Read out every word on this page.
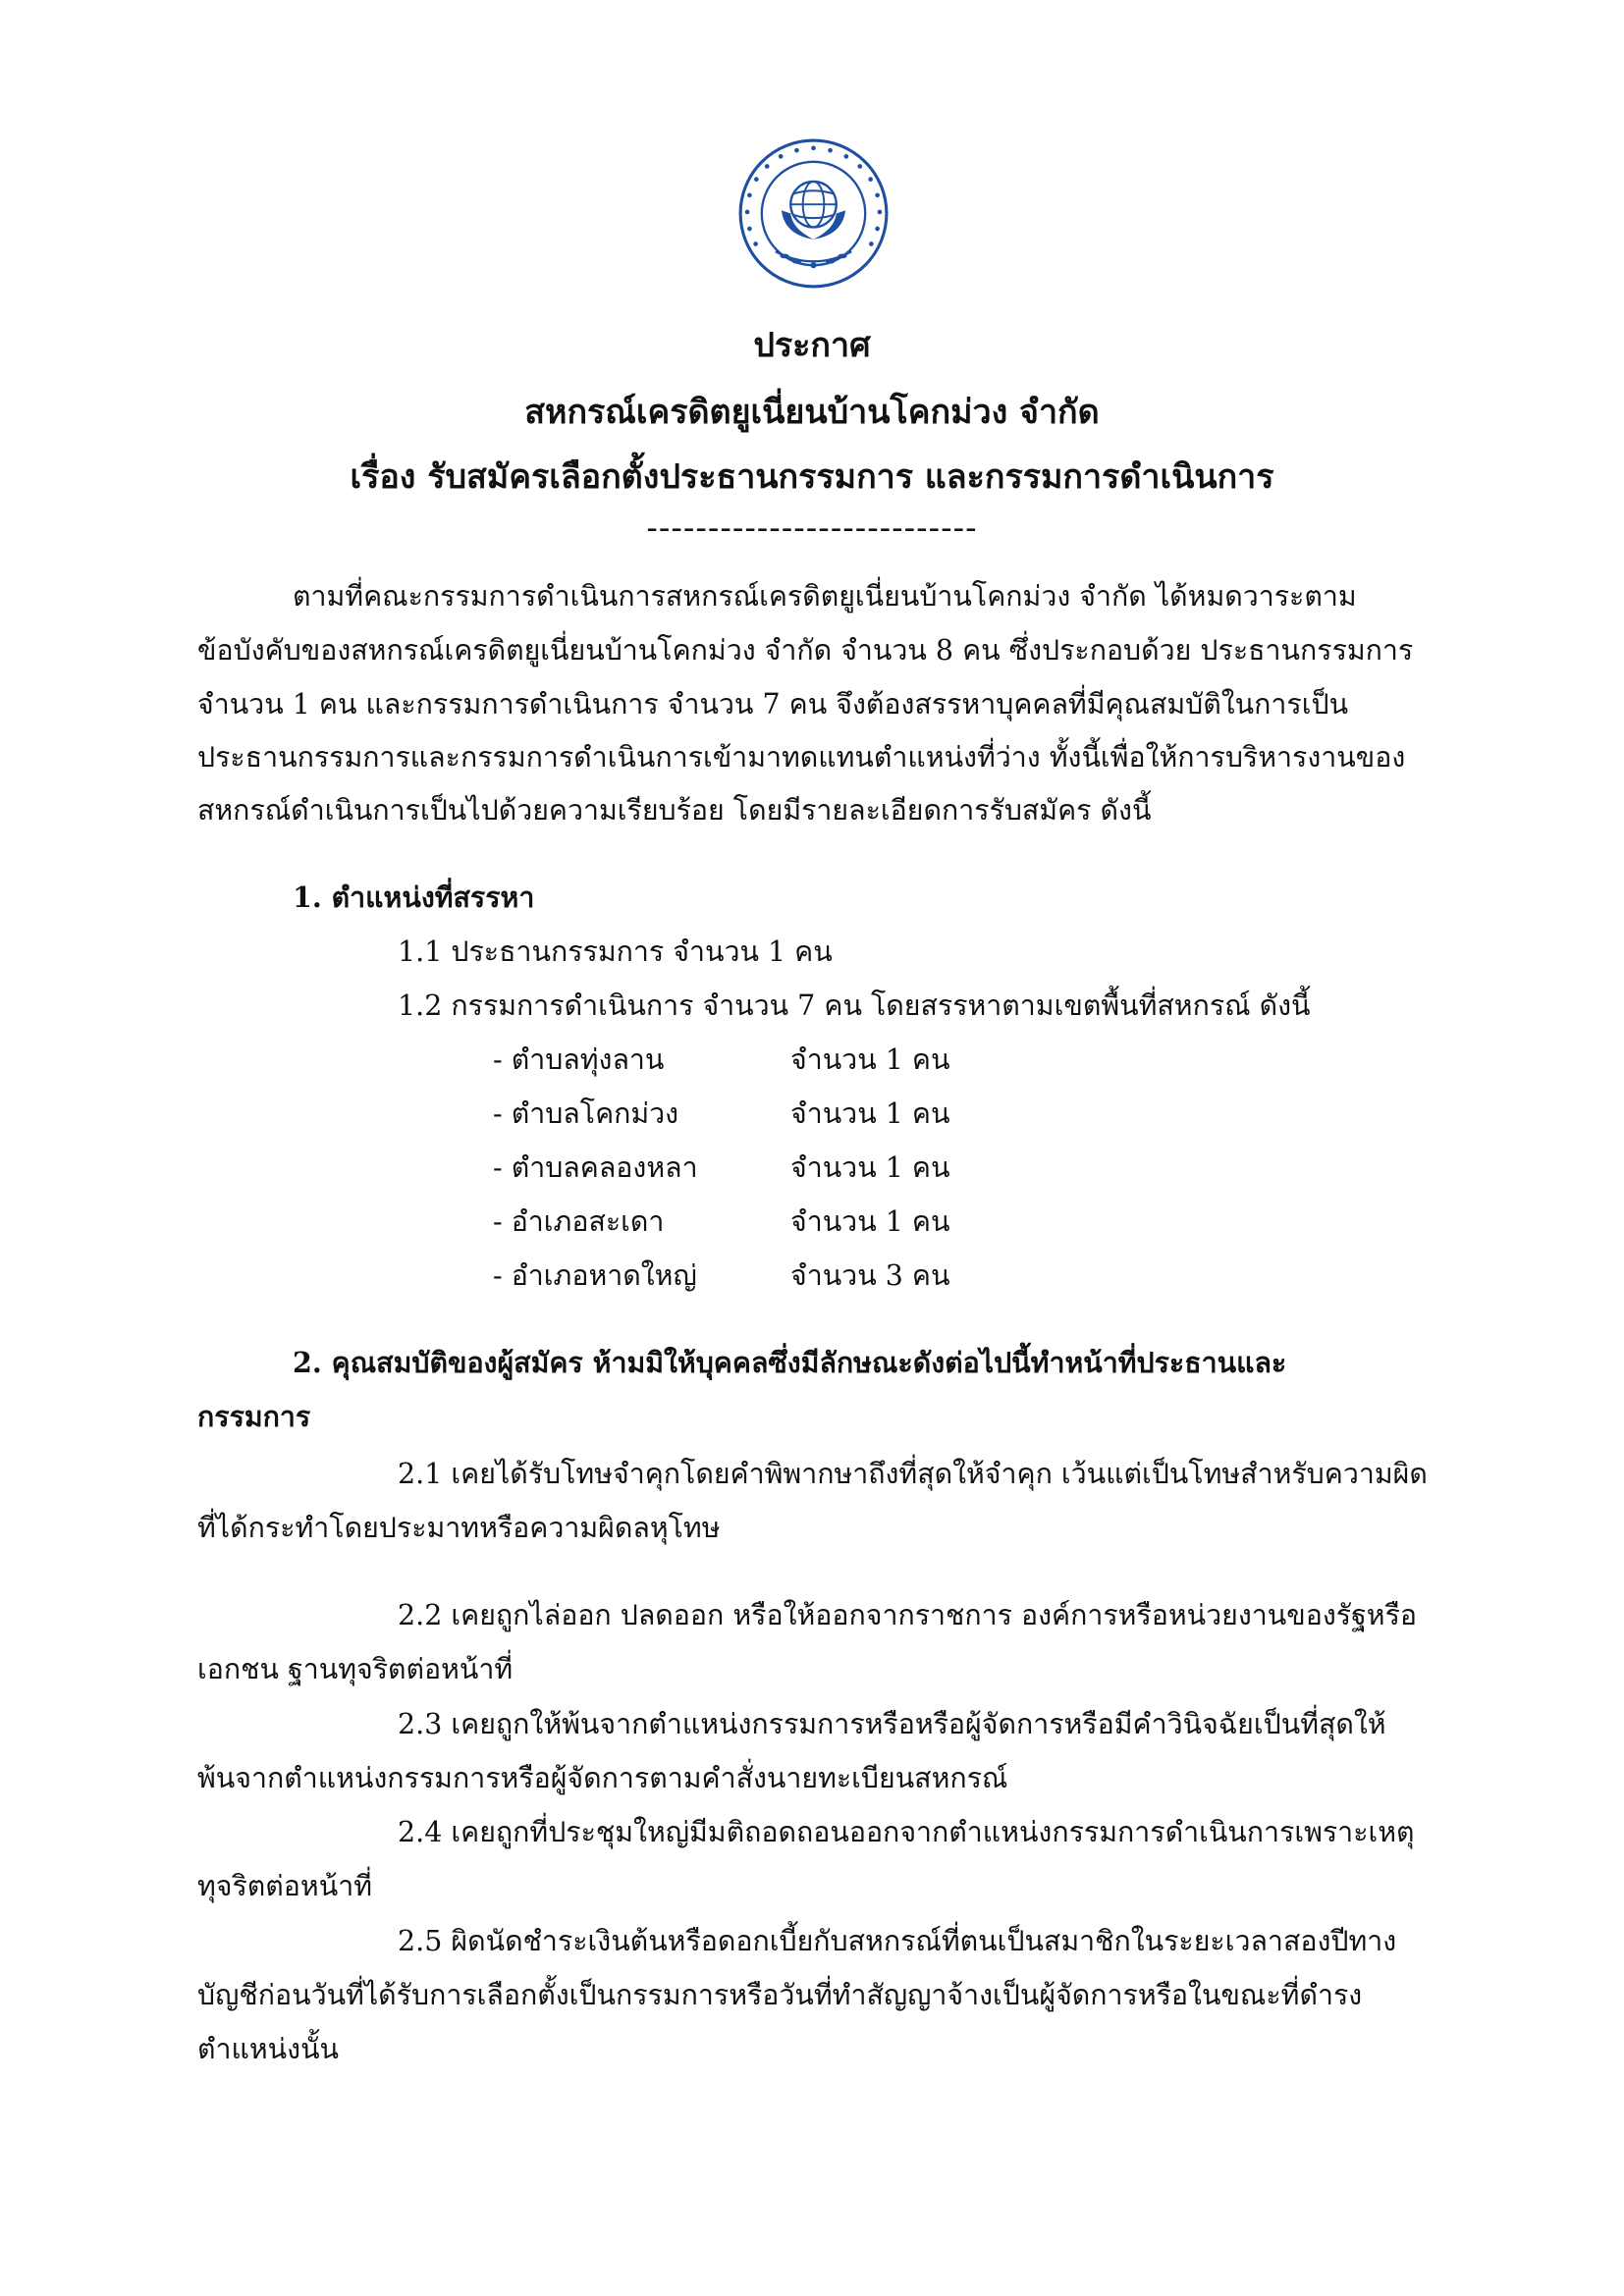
ประกาศ
สหกรณ์เครดิตยูเนี่ยนบ้านโคกม่วง จำกัด
เรื่อง รับสมัครเลือกตั้งประธานกรรมการ และกรรมการดำเนินการ
---------------------------
ตามที่คณะกรรมการดำเนินการสหกรณ์เครดิตยูเนี่ยนบ้านโคกม่วง จำกัด ได้หมดวาระตาม
ข้อบังคับของสหกรณ์เครดิตยูเนี่ยนบ้านโคกม่วง จำกัด จำนวน 8 คน ซึ่งประกอบด้วย ประธานกรรมการ
จำนวน 1 คน และกรรมการดำเนินการ จำนวน 7 คน จึงต้องสรรหาบุคคลที่มีคุณสมบัติในการเป็น
ประธานกรรมการและกรรมการดำเนินการเข้ามาทดแทนตำแหน่งที่ว่าง ทั้งนี้เพื่อให้การบริหารงานของ
สหกรณ์ดำเนินการเป็นไปด้วยความเรียบร้อย โดยมีรายละเอียดการรับสมัคร ดังนี้
1. ตำแหน่งที่สรรหา
1.1 ประธานกรรมการ จำนวน 1 คน
1.2 กรรมการดำเนินการ จำนวน 7 คน โดยสรรหาตามเขตพื้นที่สหกรณ์ ดังนี้
- ตำบลทุ่งลาน	จำนวน 1 คน
- ตำบลโคกม่วง	จำนวน 1 คน
- ตำบลคลองหลา	จำนวน 1 คน
- อำเภอสะเดา	จำนวน 1 คน
- อำเภอหาดใหญ่	จำนวน 3 คน
2. คุณสมบัติของผู้สมัคร ห้ามมิให้บุคคลซึ่งมีลักษณะดังต่อไปนี้ทำหน้าที่ประธานและ
กรรมการ
2.1 เคยได้รับโทษจำคุกโดยคำพิพากษาถึงที่สุดให้จำคุก เว้นแต่เป็นโทษสำหรับความผิด
ที่ได้กระทำโดยประมาทหรือความผิดลหุโทษ
2.2 เคยถูกไล่ออก ปลดออก หรือให้ออกจากราชการ องค์การหรือหน่วยงานของรัฐหรือ
เอกชน ฐานทุจริตต่อหน้าที่
2.3 เคยถูกให้พ้นจากตำแหน่งกรรมการหรือหรือผู้จัดการหรือมีคำวินิจฉัยเป็นที่สุดให้
พ้นจากตำแหน่งกรรมการหรือผู้จัดการตามคำสั่งนายทะเบียนสหกรณ์
2.4 เคยถูกที่ประชุมใหญ่มีมติถอดถอนออกจากตำแหน่งกรรมการดำเนินการเพราะเหตุ
ทุจริตต่อหน้าที่
2.5 ผิดนัดชำระเงินต้นหรือดอกเบี้ยกับสหกรณ์ที่ตนเป็นสมาชิกในระยะเวลาสองปีทาง
บัญชีก่อนวันที่ได้รับการเลือกตั้งเป็นกรรมการหรือวันที่ทำสัญญาจ้างเป็นผู้จัดการหรือในขณะที่ดำรง
ตำแหน่งนั้น
